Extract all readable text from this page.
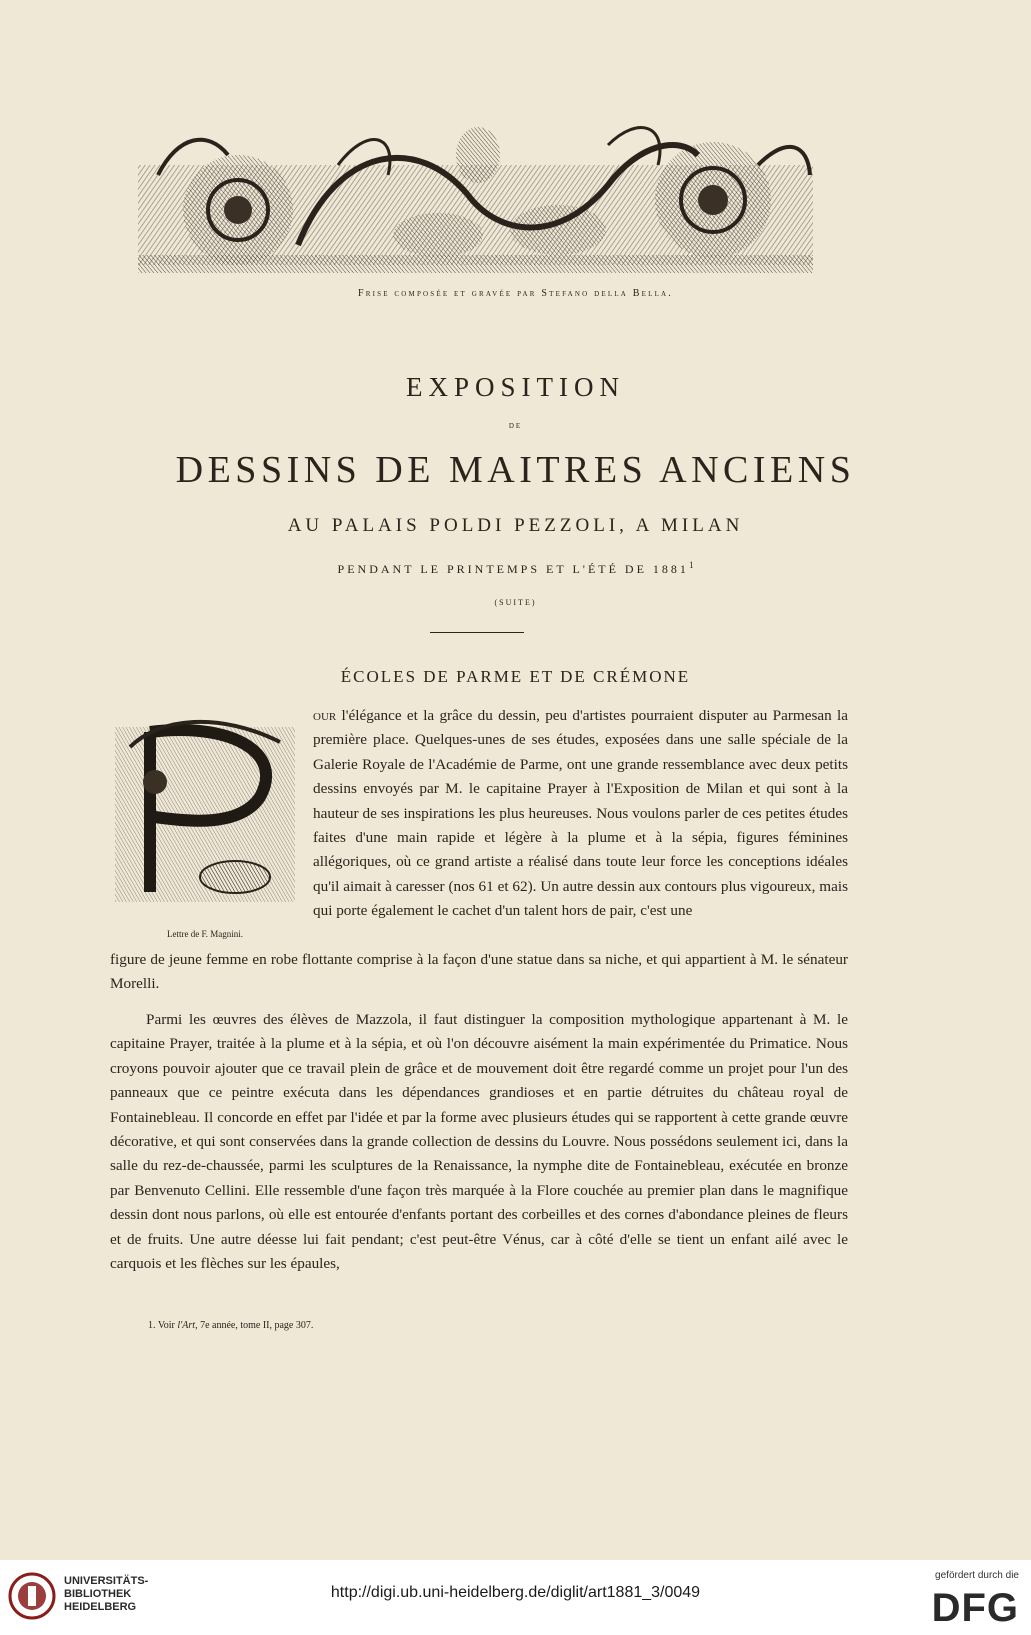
Frise composée et gravée par Stefano della Bella.
EXPOSITION
DE
DESSINS DE MAITRES ANCIENS
AU PALAIS POLDI PEZZOLI, A MILAN
PENDANT LE PRINTEMPS ET L'ÉTÉ DE 1881$^1$
(SUITE)
ÉCOLES DE PARME ET DE CRÉMONE
Lettre de F. Magnini.
our l'élégance et la grâce du dessin, peu d'artistes pourraient disputer au Parmesan la première place. Quelques-unes de ses études, exposées dans une salle spéciale de la Galerie Royale de l'Académie de Parme, ont une grande ressemblance avec deux petits dessins envoyés par M. le capitaine Prayer à l'Exposition de Milan et qui sont à la hauteur de ses inspirations les plus heureuses. Nous voulons parler de ces petites études faites d'une main rapide et légère à la plume et à la sépia, figures féminines allégoriques, où ce grand artiste a réalisé dans toute leur force les conceptions idéales qu'il aimait à caresser (nos 61 et 62). Un autre dessin aux contours plus vigoureux, mais qui porte également le cachet d'un talent hors de pair, c'est une
figure de jeune femme en robe flottante comprise à la façon d'une statue dans sa niche, et qui appartient à M. le sénateur Morelli.
Parmi les œuvres des élèves de Mazzola, il faut distinguer la composition mythologique appartenant à M. le capitaine Prayer, traitée à la plume et à la sépia, et où l'on découvre aisément la main expérimentée du Primatice. Nous croyons pouvoir ajouter que ce travail plein de grâce et de mouvement doit être regardé comme un projet pour l'un des panneaux que ce peintre exécuta dans les dépendances grandioses et en partie détruites du château royal de Fontainebleau. Il concorde en effet par l'idée et par la forme avec plusieurs études qui se rapportent à cette grande œuvre décorative, et qui sont conservées dans la grande collection de dessins du Louvre. Nous possédons seulement ici, dans la salle du rez-de-chaussée, parmi les sculptures de la Renaissance, la nymphe dite de Fontainebleau, exécutée en bronze par Benvenuto Cellini. Elle ressemble d'une façon très marquée à la Flore couchée au premier plan dans le magnifique dessin dont nous parlons, où elle est entourée d'enfants portant des corbeilles et des cornes d'abondance pleines de fleurs et de fruits. Une autre déesse lui fait pendant; c'est peut-être Vénus, car à côté d'elle se tient un enfant ailé avec le carquois et les flèches sur les épaules,
1. Voir l'Art, 7e année, tome II, page 307.
UNIVERSITÄTS-
BIBLIOTHEK
HEIDELBERG
http://digi.ub.uni-heidelberg.de/diglit/art1881_3/0049
gefördert durch die
DFG
